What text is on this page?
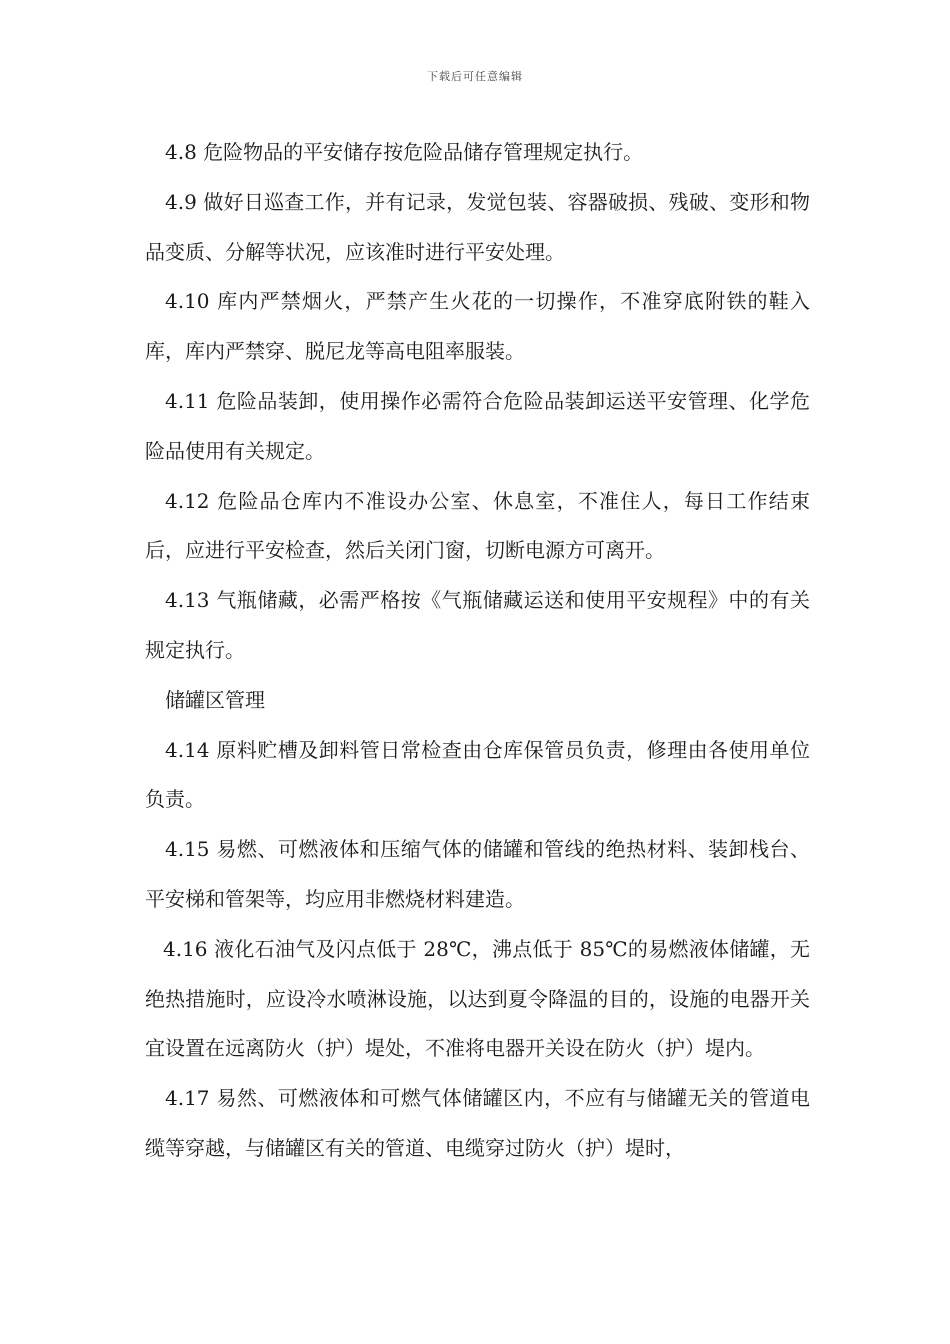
下载后可任意编辑

4.8 危险物品的平安储存按危险品储存管理规定执行。

4.9 做好日巡查工作，并有记录，发觉包装、容器破损、残破、变形和物品变质、分解等状况，应该准时进行平安处理。

4.10 库内严禁烟火，严禁产生火花的一切操作，不准穿底附铁的鞋入库，库内严禁穿、脱尼龙等高电阻率服装。

4.11 危险品装卸，使用操作必需符合危险品装卸运送平安管理、化学危险品使用有关规定。

4.12 危险品仓库内不准设办公室、休息室，不准住人，每日工作结束后，应进行平安检查，然后关闭门窗，切断电源方可离开。

4.13 气瓶储藏，必需严格按《气瓶储藏运送和使用平安规程》中的有关规定执行。

储罐区管理

4.14 原料贮槽及卸料管日常检查由仓库保管员负责，修理由各使用单位负责。

4.15 易燃、可燃液体和压缩气体的储罐和管线的绝热材料、装卸栈台、平安梯和管架等，均应用非燃烧材料建造。

4.16 液化石油气及闪点低于 28℃，沸点低于 85℃的易燃液体储罐，无绝热措施时，应设冷水喷淋设施，以达到夏令降温的目的，设施的电器开关宜设置在远离防火（护）堤处，不准将电器开关设在防火（护）堤内。

4.17 易然、可燃液体和可燃气体储罐区内，不应有与储罐无关的管道电缆等穿越，与储罐区有关的管道、电缆穿过防火（护）堤时，
